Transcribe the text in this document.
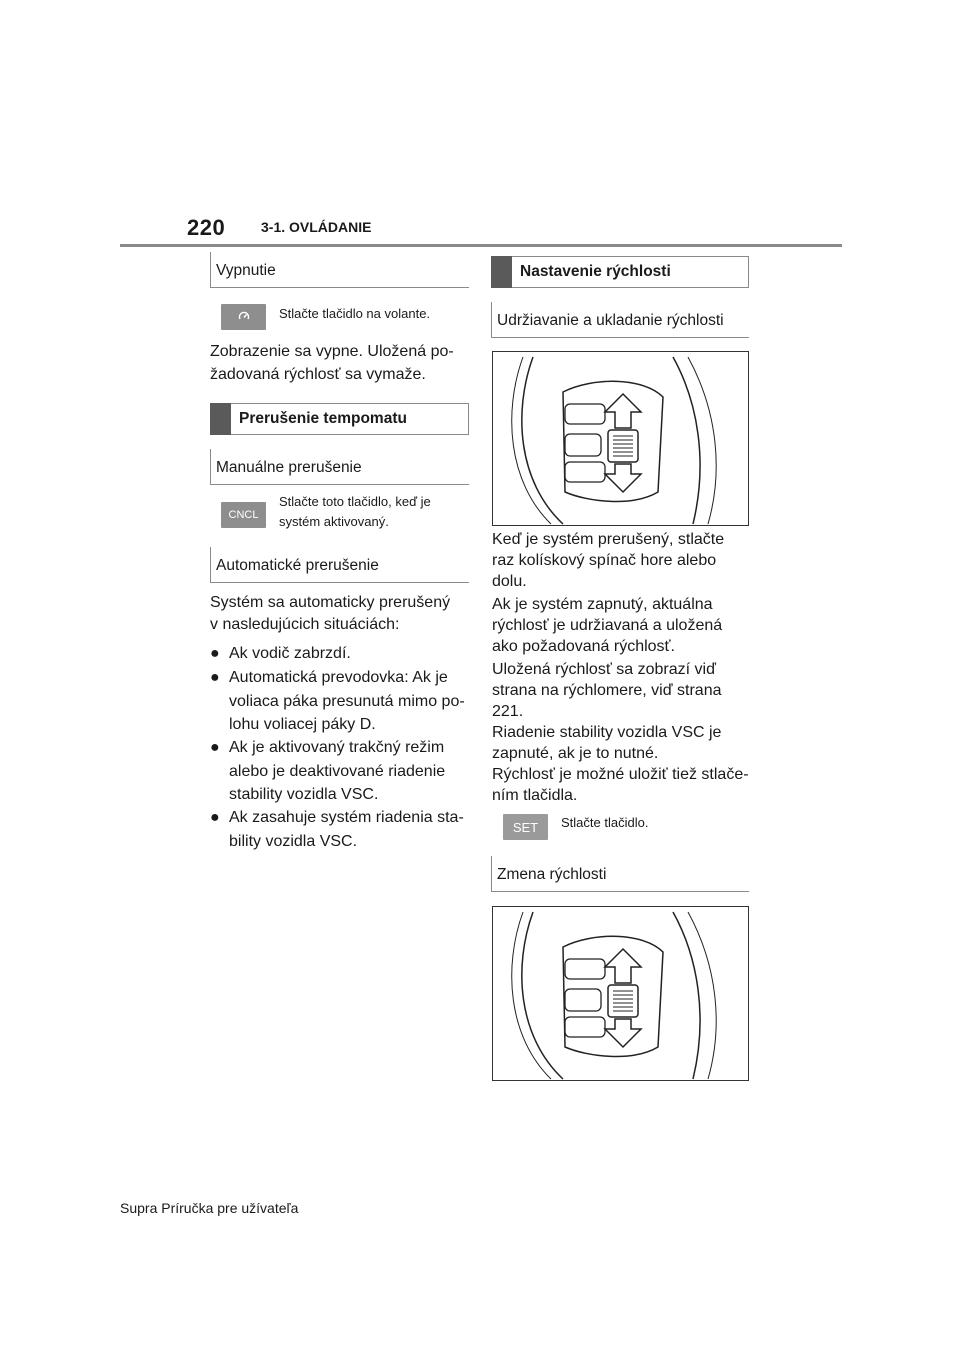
220	3-1. OVLÁDANIE
Vypnutie
Stlačte tlačidlo na volante.
Zobrazenie sa vypne. Uložená po-
žadovaná rýchlosť sa vymaže.
Prerušenie tempomatu
Manuálne prerušenie
CNCL
Stlačte toto tlačidlo, keď je
systém aktivovaný.
Automatické prerušenie
Systém sa automaticky prerušený
v nasledujúcich situáciách:
● Ak vodič zabrzdí.
● Automatická prevodovka: Ak je
voliaca páka presunutá mimo po-
lohu voliacej páky D.
● Ak je aktivovaný trakčný režim
alebo je deaktivované riadenie
stability vozidla VSC.
● Ak zasahuje systém riadenia sta-
bility vozidla VSC.
Nastavenie rýchlosti
Udržiavanie a ukladanie rýchlosti
Keď je systém prerušený, stlačte
raz kolískový spínač hore alebo
dolu.
Ak je systém zapnutý, aktuálna
rýchlosť je udržiavaná a uložená
ako požadovaná rýchlosť.
Uložená rýchlosť sa zobrazí viď
strana na rýchlomere, viď strana
221.
Riadenie stability vozidla VSC je
zapnuté, ak je to nutné.
Rýchlosť je možné uložiť tiež stlače-
ním tlačidla.
SET Stlačte tlačidlo.
Zmena rýchlosti
Supra Príručka pre užívateľa
